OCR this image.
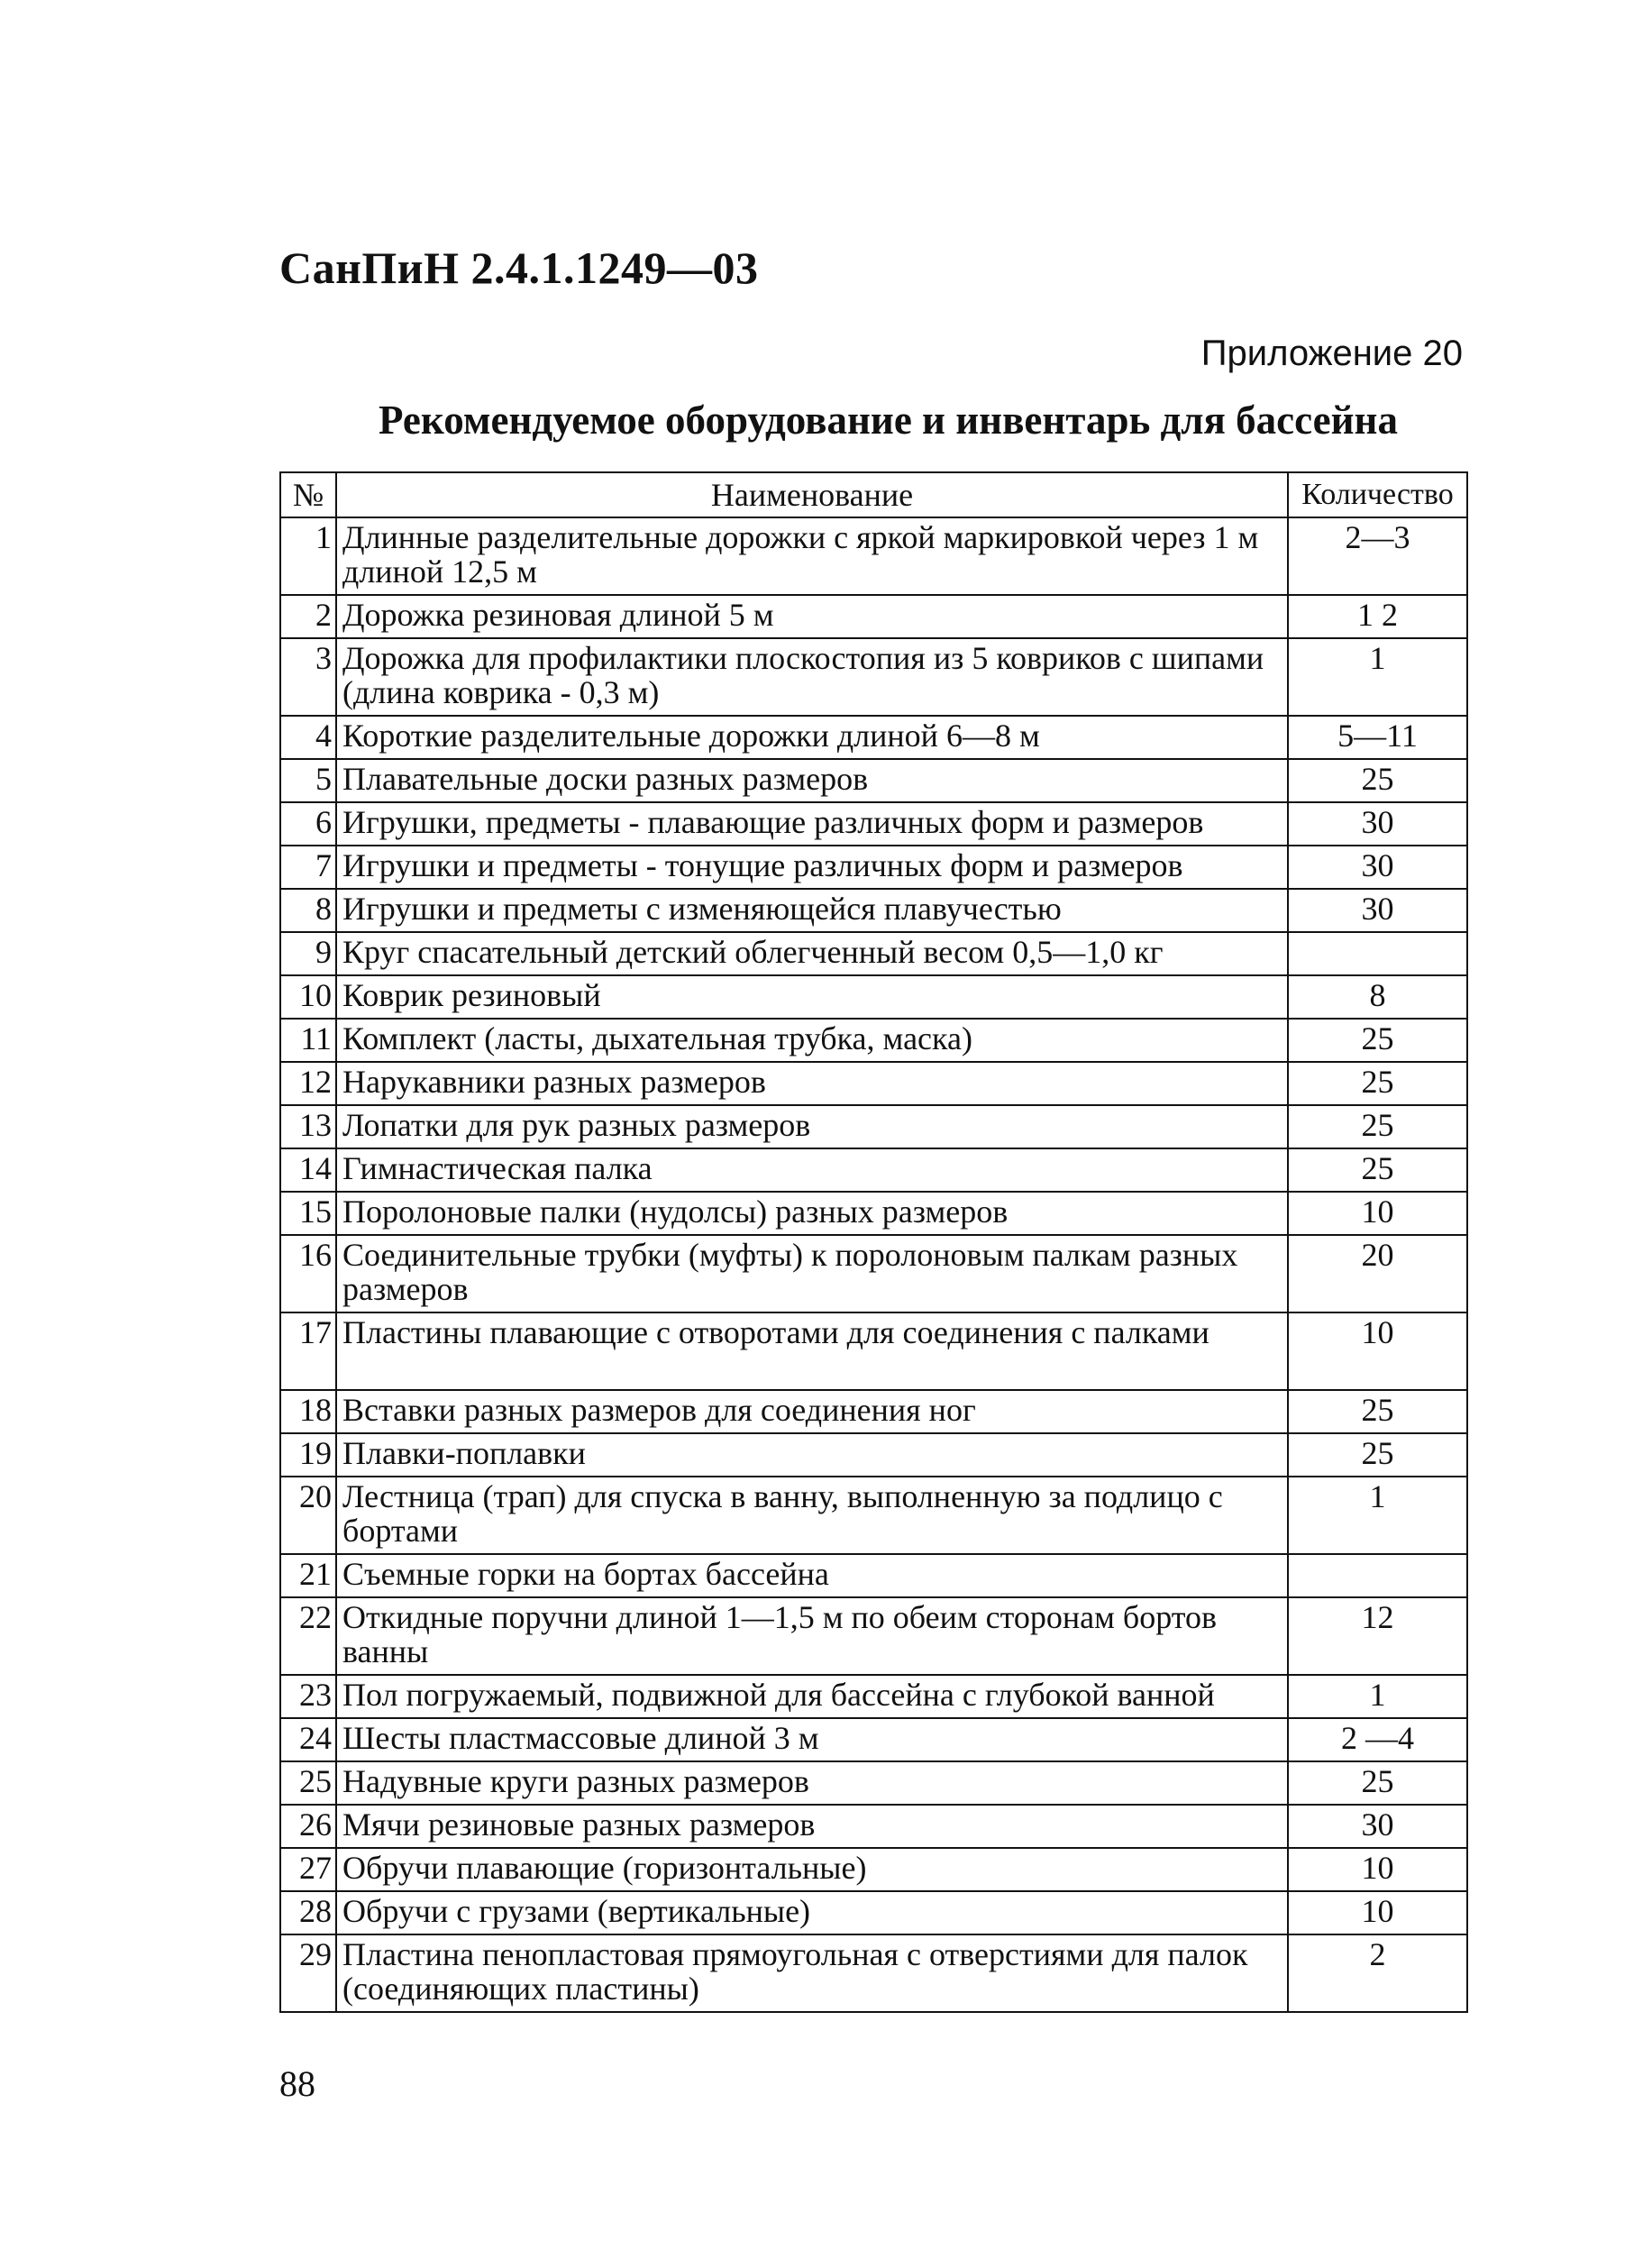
СанПиН 2.4.1.1249—03
Приложение 20
Рекомендуемое оборудование и инвентарь для бассейна
№	Наименование	Количество
1	Длинные разделительные дорожки с яркой маркировкой через 1 м длиной 12,5 м	2—3
2	Дорожка резиновая длиной 5 м	1 2
3	Дорожка для профилактики плоскостопия из 5 ковриков с шипами (длина коврика - 0,3 м)	1
4	Короткие разделительные дорожки длиной 6—8 м	5—11
5	Плавательные доски разных размеров	25
6	Игрушки, предметы - плавающие различных форм и размеров	30
7	Игрушки и предметы - тонущие различных форм и размеров	30
8	Игрушки и предметы с изменяющейся плавучестью	30
9	Круг спасательный детский облегченный весом 0,5—1,0 кг	
10	Коврик резиновый	8
11	Комплект (ласты, дыхательная трубка, маска)	25
12	Нарукавники разных размеров	25
13	Лопатки для рук разных размеров	25
14	Гимнастическая палка	25
15	Поролоновые палки (нудолсы) разных размеров	10
16	Соединительные трубки (муфты) к поролоновым палкам разных размеров	20
17	Пластины плавающие с отворотами для соединения с палками	10
18	Вставки разных размеров для соединения ног	25
19	Плавки-поплавки	25
20	Лестница (трап) для спуска в ванну, выполненную за подлицо с бортами	1
21	Съемные горки на бортах бассейна	
22	Откидные поручни длиной 1—1,5 м по обеим сторонам бортов ванны	12
23	Пол погружаемый, подвижной для бассейна с глубокой ванной	1
24	Шесты пластмассовые длиной 3 м	2 —4
25	Надувные круги разных размеров	25
26	Мячи резиновые разных размеров	30
27	Обручи плавающие (горизонтальные)	10
28	Обручи с грузами (вертикальные)	10
29	Пластина пенопластовая прямоугольная с отверстиями для палок (соединяющих пластины)	2
88
